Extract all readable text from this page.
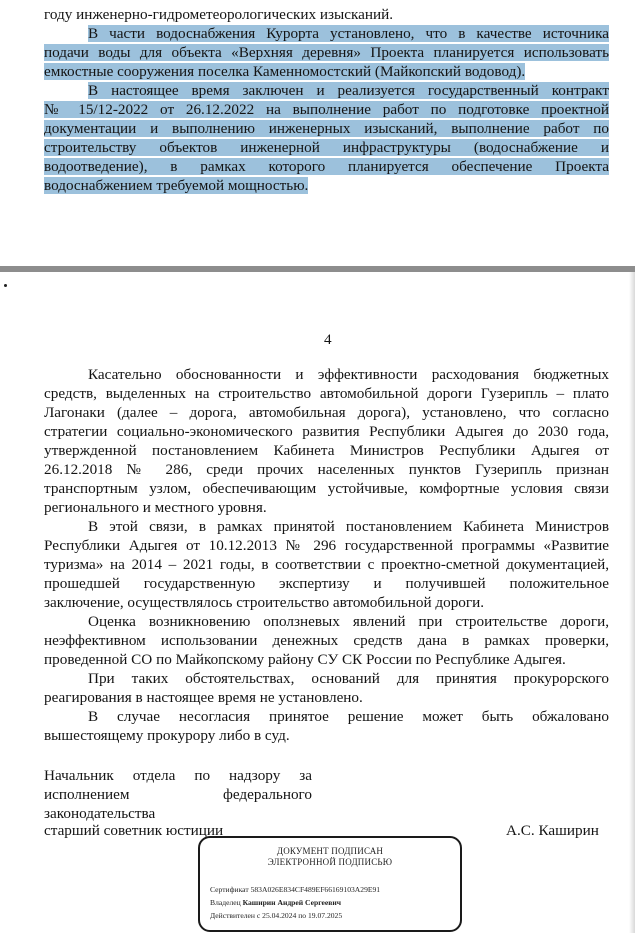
году инженерно-гидрометеорологических изысканий.
В части водоснабжения Курорта установлено, что в качестве источника
подачи воды для объекта «Верхняя деревня» Проекта планируется использовать
емкостные сооружения поселка Каменномостский (Майкопский водовод).
В настоящее время заключен и реализуется государственный контракт
№ 15/12-2022 от 26.12.2022 на выполнение работ по подготовке проектной
документации и выполнению инженерных изысканий, выполнение работ по
строительству объектов инженерной инфраструктуры (водоснабжение и
водоотведение), в рамках которого планируется обеспечение Проекта
водоснабжением требуемой мощностью.
4
Касательно обоснованности и эффективности расходования бюджетных
средств, выделенных на строительство автомобильной дороги Гузерипль – плато
Лагонаки (далее – дорога, автомобильная дорога), установлено, что согласно
стратегии социально-экономического развития Республики Адыгея до 2030 года,
утвержденной постановлением Кабинета Министров Республики Адыгея от
26.12.2018 № 286, среди прочих населенных пунктов Гузерипль признан
транспортным узлом, обеспечивающим устойчивые, комфортные условия связи
регионального и местного уровня.
В этой связи, в рамках принятой постановлением Кабинета Министров
Республики Адыгея от 10.12.2013 № 296 государственной программы «Развитие
туризма» на 2014 – 2021 годы, в соответствии с проектно-сметной документацией,
прошедшей государственную экспертизу и получившей положительное
заключение, осуществлялось строительство автомобильной дороги.
Оценка возникновению оползневых явлений при строительстве дороги,
неэффективном использовании денежных средств дана в рамках проверки,
проведенной СО по Майкопскому району СУ СК России по Республике Адыгея.
При таких обстоятельствах, оснований для принятия прокурорского
реагирования в настоящее время не установлено.
В случае несогласия принятое решение может быть обжаловано
вышестоящему прокурору либо в суд.
Начальник отдела по надзору за
исполнением федерального
законодательства
старший советник юстиции	А.С. Каширин
ДОКУМЕНТ ПОДПИСАН
ЭЛЕКТРОННОЙ ПОДПИСЬЮ
Сертификат 583A026E834CF489EF66169103A29E91
Владелец Каширин Андрей Сергеевич
Действителен с 25.04.2024 по 19.07.2025
